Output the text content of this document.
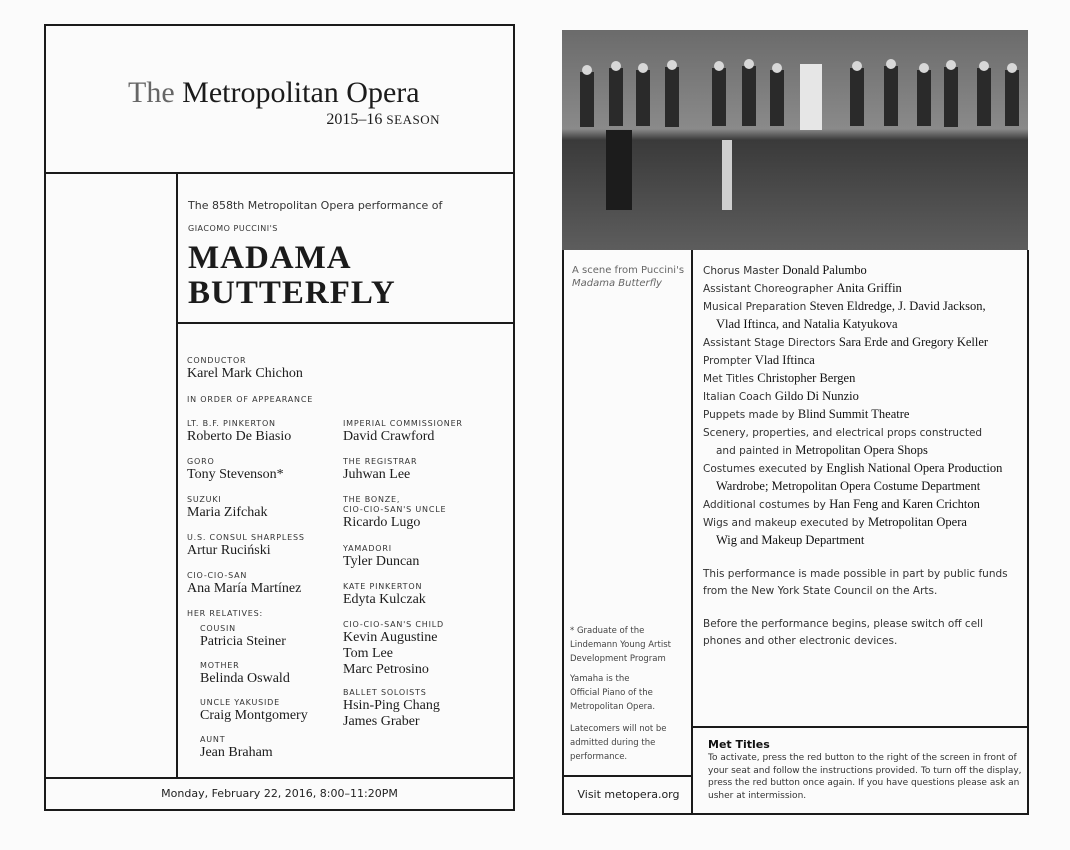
The Metropolitan Opera
2015–16 SEASON
The 858th Metropolitan Opera performance of
GIACOMO PUCCINI'S
MADAMA
BUTTERFLY
CONDUCTOR
Karel Mark Chichon
IN ORDER OF APPEARANCE
LT. B.F. PINKERTON
Roberto De Biasio
GORO
Tony Stevenson*
SUZUKI
Maria Zifchak
U.S. CONSUL SHARPLESS
Artur Ruciński
CIO-CIO-SAN
Ana María Martínez
HER RELATIVES:
COUSIN
Patricia Steiner
MOTHER
Belinda Oswald
UNCLE YAKUSIDE
Craig Montgomery
AUNT
Jean Braham
IMPERIAL COMMISSIONER
David Crawford
THE REGISTRAR
Juhwan Lee
THE BONZE,
CIO-CIO-SAN'S UNCLE
Ricardo Lugo
YAMADORI
Tyler Duncan
KATE PINKERTON
Edyta Kulczak
CIO-CIO-SAN'S CHILD
Kevin Augustine
Tom Lee
Marc Petrosino
BALLET SOLOISTS
Hsin-Ping Chang
James Graber
Monday, February 22, 2016, 8:00–11:20PM
A scene from Puccini's
Madama Butterfly
Chorus Master Donald Palumbo
Assistant Choreographer Anita Griffin
Musical Preparation Steven Eldredge, J. David Jackson,
Vlad Iftinca, and Natalia Katyukova
Assistant Stage Directors Sara Erde and Gregory Keller
Prompter Vlad Iftinca
Met Titles Christopher Bergen
Italian Coach Gildo Di Nunzio
Puppets made by Blind Summit Theatre
Scenery, properties, and electrical props constructed
and painted in Metropolitan Opera Shops
Costumes executed by English National Opera Production
Wardrobe; Metropolitan Opera Costume Department
Additional costumes by Han Feng and Karen Crichton
Wigs and makeup executed by Metropolitan Opera
Wig and Makeup Department
This performance is made possible in part by public funds
from the New York State Council on the Arts.
Before the performance begins, please switch off cell
phones and other electronic devices.
* Graduate of the
Lindemann Young Artist
Development Program
Yamaha is the
Official Piano of the
Metropolitan Opera.
Latecomers will not be
admitted during the
performance.
Met Titles
To activate, press the red button to the right of the screen in front of your seat and follow the instructions provided. To turn off the display, press the red button once again. If you have questions please ask an usher at intermission.
Visit metopera.org
